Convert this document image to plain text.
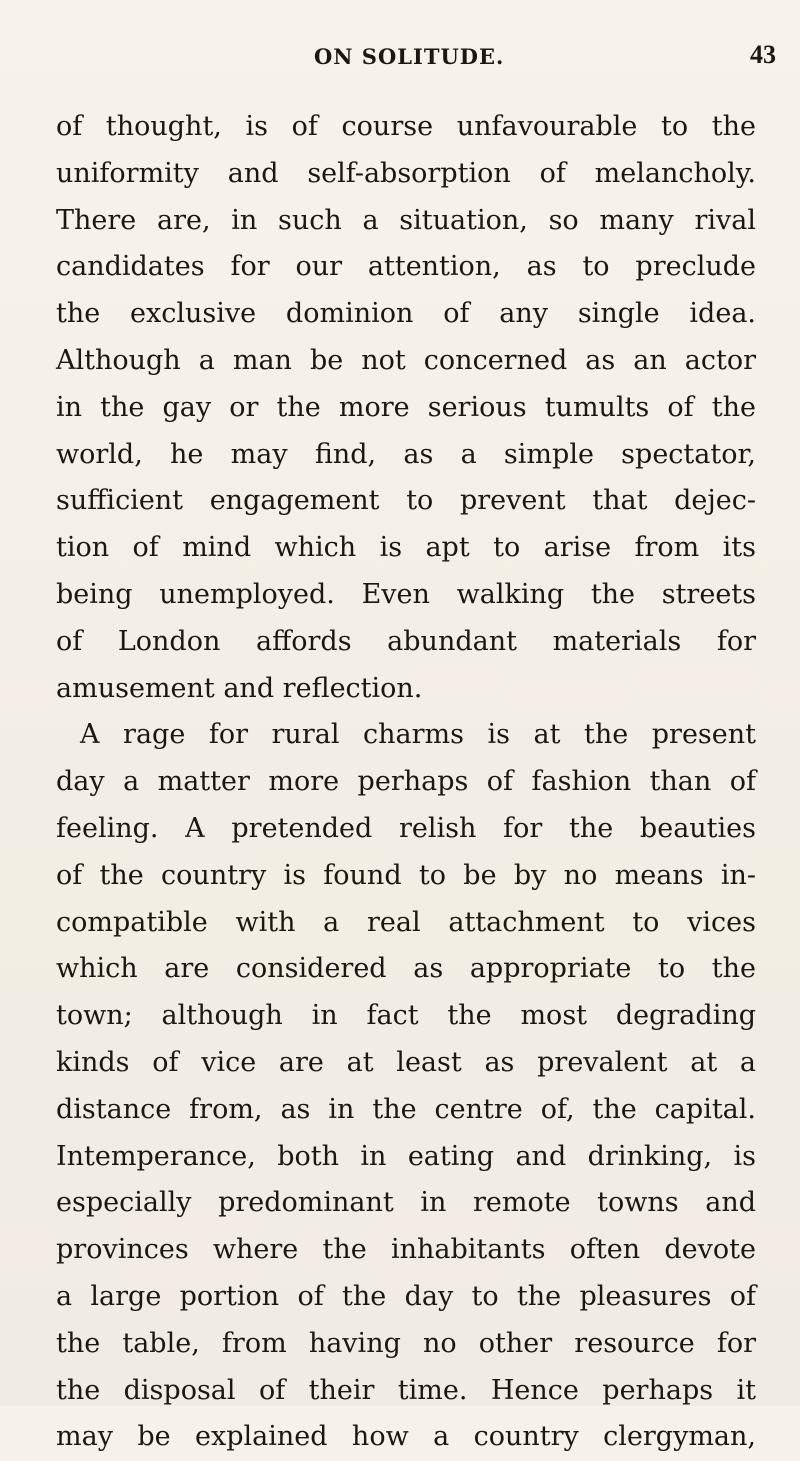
ON SOLITUDE.	43
of thought, is of course unfavourable to the
uniformity and self-absorption of melancholy.
There are, in such a situation, so many rival
candidates for our attention, as to preclude
the exclusive dominion of any single idea.
Although a man be not concerned as an actor
in the gay or the more serious tumults of the
world, he may find, as a simple spectator,
sufficient engagement to prevent that dejec-
tion of mind which is apt to arise from its
being unemployed. Even walking the streets
of London affords abundant materials for
amusement and reflection.
A rage for rural charms is at the present
day a matter more perhaps of fashion than of
feeling. A pretended relish for the beauties
of the country is found to be by no means in-
compatible with a real attachment to vices
which are considered as appropriate to the
town; although in fact the most degrading
kinds of vice are at least as prevalent at a
distance from, as in the centre of, the capital.
Intemperance, both in eating and drinking, is
especially predominant in remote towns and
provinces where the inhabitants often devote
a large portion of the day to the pleasures of
the table, from having no other resource for
the disposal of their time. Hence perhaps it
may be explained how a country clergyman,
